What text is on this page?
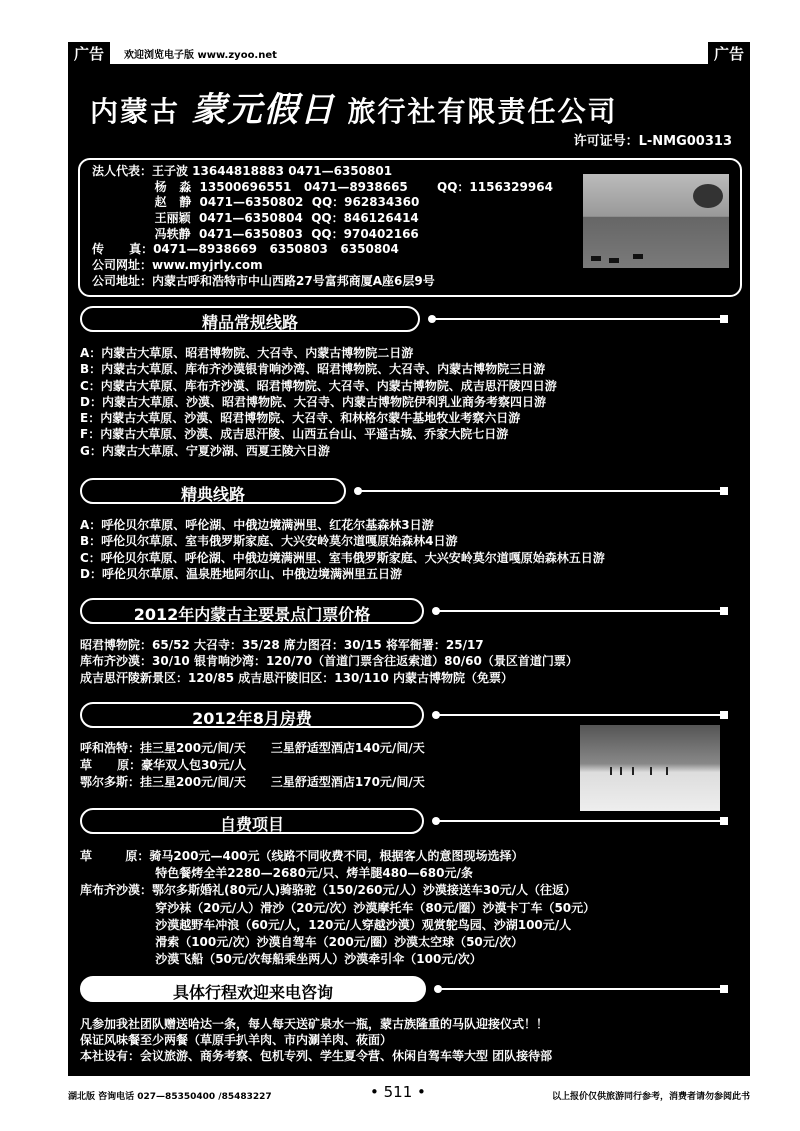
广告	欢迎浏览电子版 www.zyoo.net	广告
内蒙古 蒙元假日 旅行社有限责任公司
许可证号：L-NMG00313
法人代表：王子波 13644818883 0471—6350801
杨   淼  13500696551   0471—8938665       QQ：1156329964
赵   静  0471—6350802  QQ：962834360
王丽颖  0471—6350804  QQ：846126414
冯轶静  0471—6350803  QQ：970402166
传      真：0471—8938669   6350803   6350804
公司网址：www.myjrly.com
公司地址：内蒙古呼和浩特市中山西路27号富邦商厦A座6层9号
精品常规线路
A：内蒙古大草原、昭君博物院、大召寺、内蒙古博物院二日游
B：内蒙古大草原、库布齐沙漠银肯响沙湾、昭君博物院、大召寺、内蒙古博物院三日游
C：内蒙古大草原、库布齐沙漠、昭君博物院、大召寺、内蒙古博物院、成吉思汗陵四日游
D：内蒙古大草原、沙漠、昭君博物院、大召寺、内蒙古博物院伊利乳业商务考察四日游
E：内蒙古大草原、沙漠、昭君博物院、大召寺、和林格尔蒙牛基地牧业考察六日游
F：内蒙古大草原、沙漠、成吉思汗陵、山西五台山、平遥古城、乔家大院七日游
G：内蒙古大草原、宁夏沙湖、西夏王陵六日游
精典线路
A：呼伦贝尔草原、呼伦湖、中俄边境满洲里、红花尔基森林3日游
B：呼伦贝尔草原、室韦俄罗斯家庭、大兴安岭莫尔道嘎原始森林4日游
C：呼伦贝尔草原、呼伦湖、中俄边境满洲里、室韦俄罗斯家庭、大兴安岭莫尔道嘎原始森林五日游
D：呼伦贝尔草原、温泉胜地阿尔山、中俄边境满洲里五日游
2012年内蒙古主要景点门票价格
昭君博物院：65/52 大召寺：35/28 席力图召：30/15 将军衙署：25/17
库布齐沙漠：30/10 银肯响沙湾：120/70（首道门票含往返索道）80/60（景区首道门票）
成吉思汗陵新景区：120/85 成吉思汗陵旧区：130/110 内蒙古博物院（免票）
2012年8月房费
呼和浩特：挂三星200元/间/天      三星舒适型酒店140元/间/天
草      原：豪华双人包30元/人
鄂尔多斯：挂三星200元/间/天      三星舒适型酒店170元/间/天
自费项目
草        原：骑马200元—400元（线路不同收费不同，根据客人的意图现场选择）
特色餐烤全羊2280—2680元/只、烤羊腿480—680元/条
库布齐沙漠：鄂尔多斯婚礼(80元/人)骑骆驼（150/260元/人）沙漠接送车30元/人（往返）
穿沙袜（20元/人）滑沙（20元/次）沙漠摩托车（80元/圈）沙漠卡丁车（50元）
沙漠越野车冲浪（60元/人，120元/人穿越沙漠）观赏鸵鸟园、沙湖100元/人
滑索（100元/次）沙漠自驾车（200元/圈）沙漠太空球（50元/次）
沙漠飞船（50元/次每船乘坐两人）沙漠牵引伞（100元/次）
具体行程欢迎来电咨询
凡参加我社团队赠送哈达一条，每人每天送矿泉水一瓶，蒙古族隆重的马队迎接仪式！！
保证风味餐至少两餐（草原手扒羊肉、市内涮羊肉、莜面）
本社设有：会议旅游、商务考察、包机专列、学生夏令营、休闲自驾车等大型 团队接待部
湖北版 咨询电话 027—85350400 /85483227	• 511 •	以上报价仅供旅游同行参考，消费者请勿参阅此书
